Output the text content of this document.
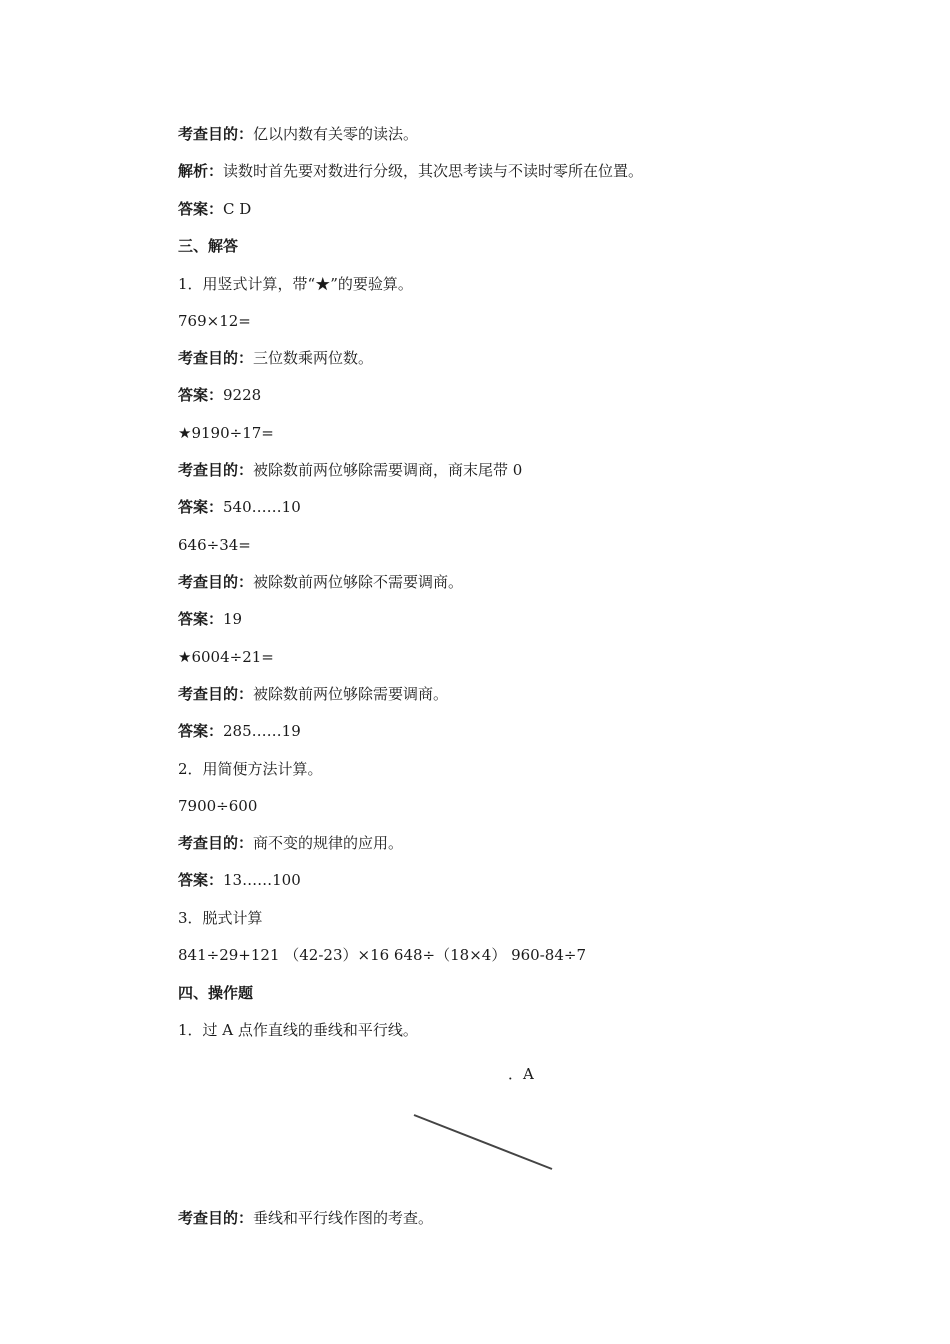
考查目的：亿以内数有关零的读法。
解析：读数时首先要对数进行分级，其次思考读与不读时零所在位置。
答案：C D
三、解答
1．用竖式计算，带“★”的要验算。
769×12=
考查目的：三位数乘两位数。
答案：9228
★9190÷17=
考查目的：被除数前两位够除需要调商，商末尾带 0
答案：540……10
646÷34=
考查目的：被除数前两位够除不需要调商。
答案：19
★6004÷21=
考查目的：被除数前两位够除需要调商。
答案：285……19
2．用简便方法计算。
7900÷600
考查目的：商不变的规律的应用。
答案：13……100
3．脱式计算
841÷29+121 （42-23）×16 648÷（18×4） 960-84÷7
四、操作题
1．过 A 点作直线的垂线和平行线。
．A
考查目的：垂线和平行线作图的考查。
